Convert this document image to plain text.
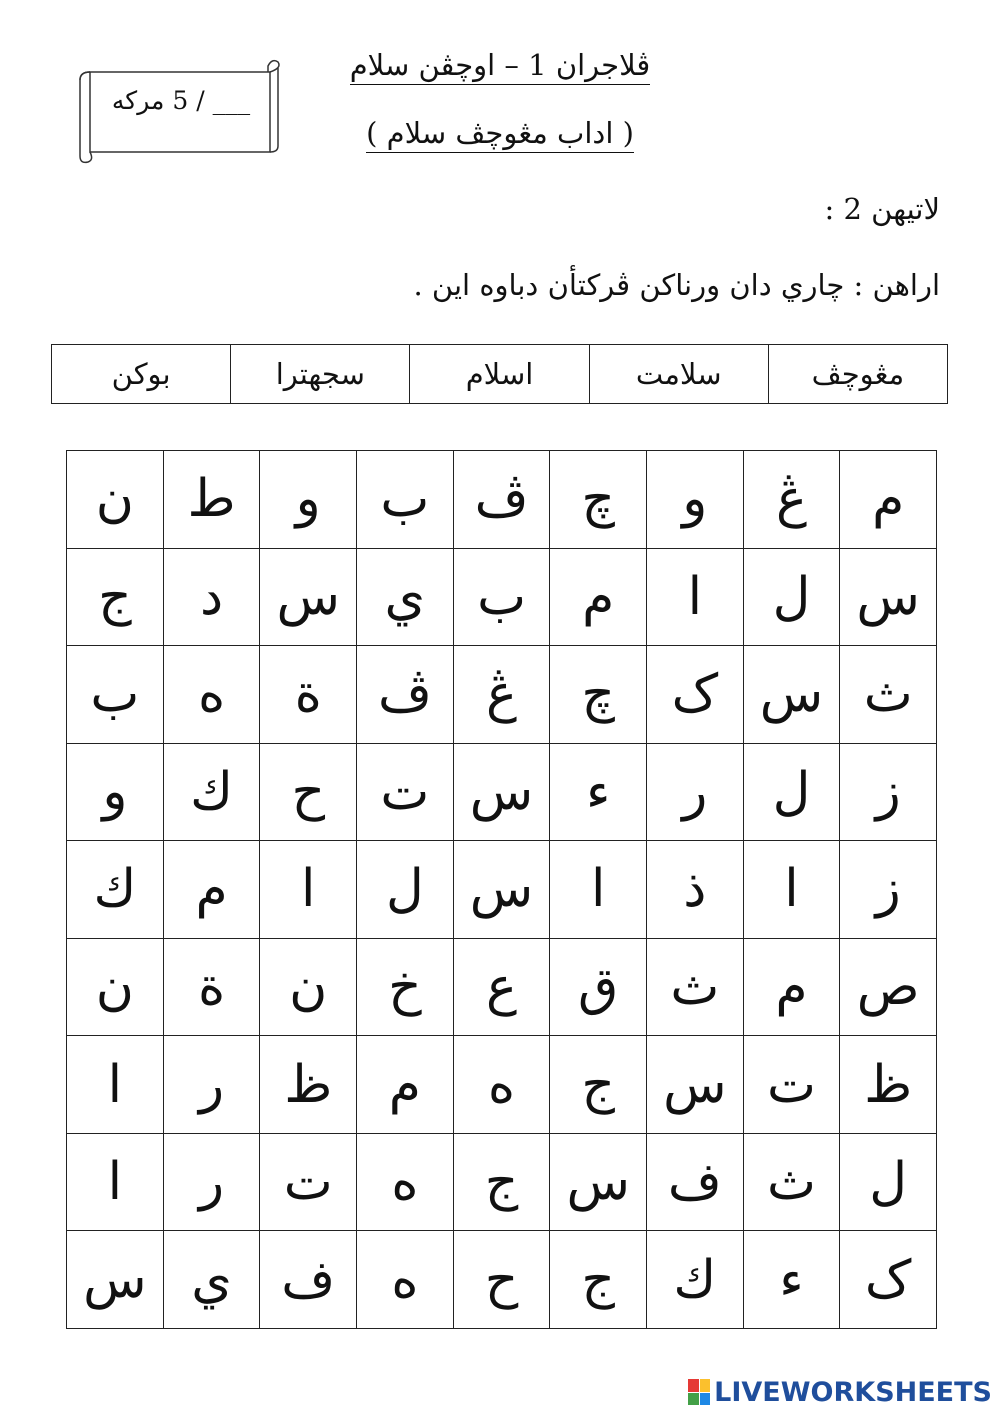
___ / 5 مركه
ڤلاجران 1 – اوچڤن سلام
( اداب مڠوچڤ سلام )
لاتيهن 2 :
اراهن : چاري دان ورناکن ڤرکتأن دباوه اين .
مڠوچڤ	سلامت	اسلام	سجهترا	بوکن
م	ڠ	و	چ	ڤ	ب	و	ط	ن
س	ل	ا	م	ب	ي	س	د	ج
ث	س	ک	چ	ڠ	ڤ	ة	ه	ب
ز	ل	ر	ء	س	ت	ح	ك	و
ز	ا	ذ	ا	س	ل	ا	م	ك
ص	م	ث	ق	ع	خ	ن	ة	ن
ظ	ت	س	ج	ه	م	ظ	ر	ا
ل	ث	ف	س	ج	ه	ت	ر	ا
ک	ء	ك	ج	ح	ه	ف	ي	س
LIVEWORKSHEETS
